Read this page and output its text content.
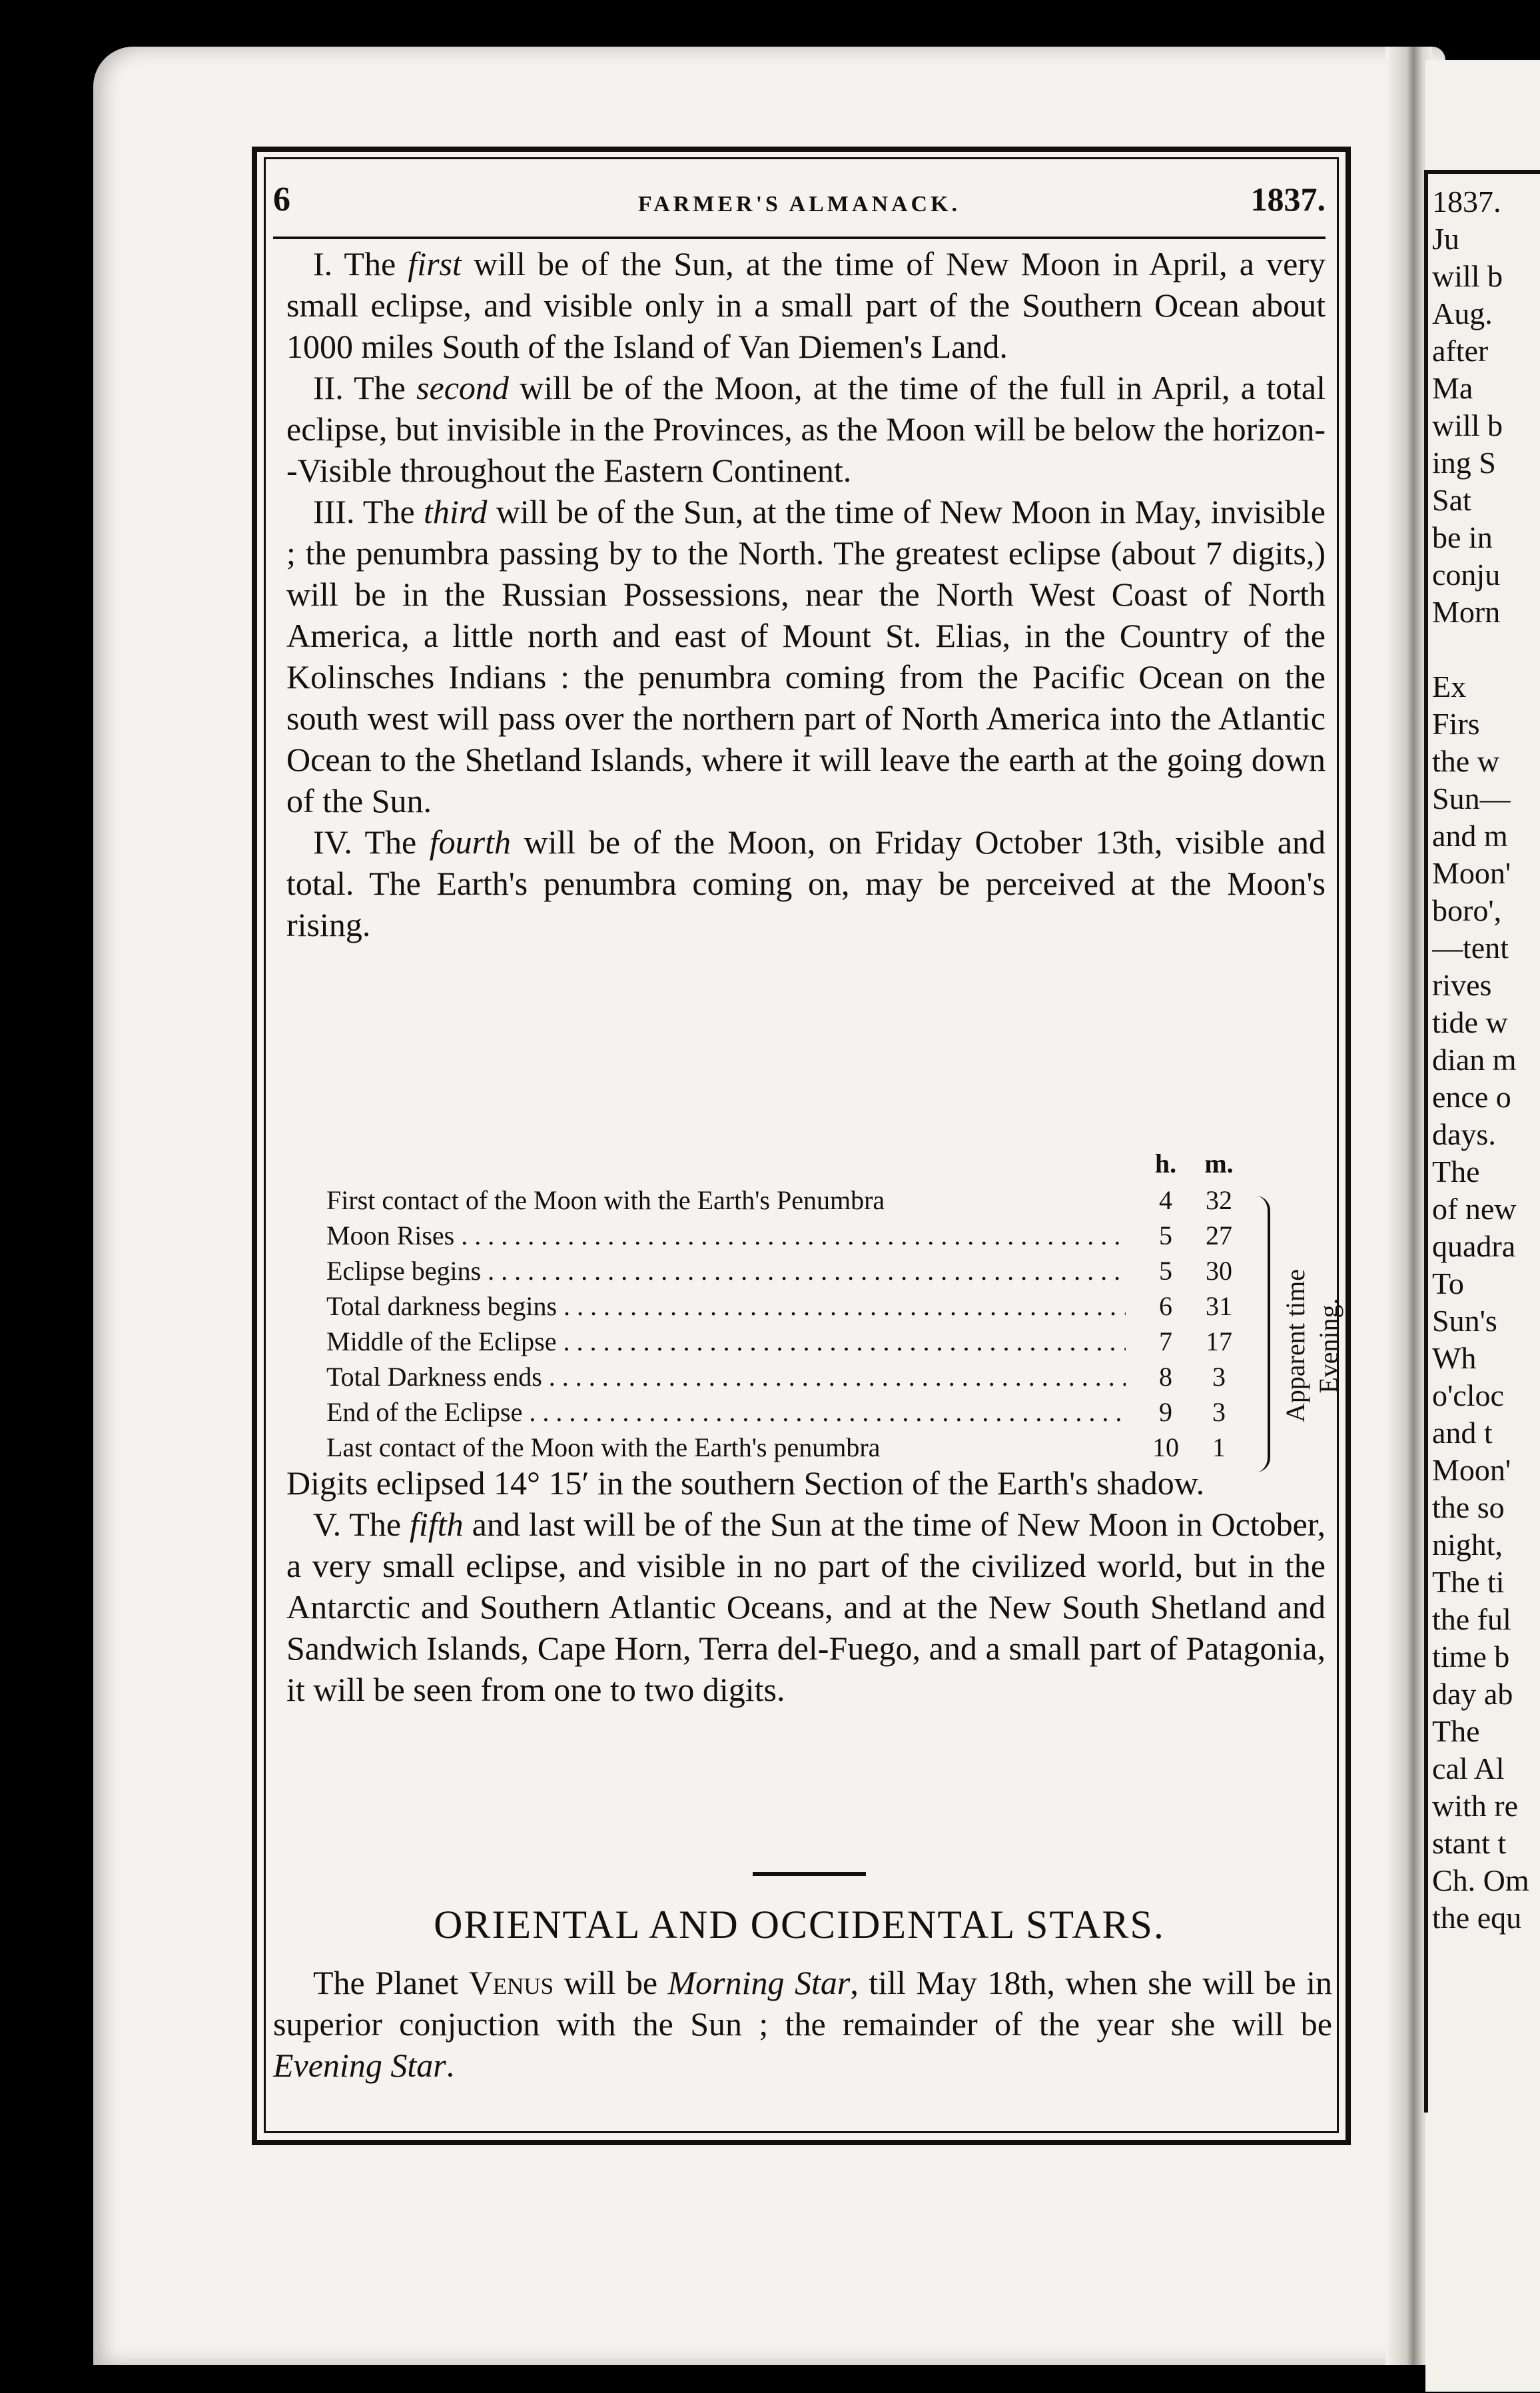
6	FARMER'S ALMANACK.	1837.

I. The first will be of the Sun, at the time of New Moon in April, a very small eclipse, and visible only in a small part of the Southern Ocean about 1000 miles South of the Island of Van Diemen's Land.

II. The second will be of the Moon, at the time of the full in April, a total eclipse, but invisible in the Provinces, as the Moon will be below the horizon--Visible throughout the Eastern Continent.

III. The third will be of the Sun, at the time of New Moon in May, invisible ; the penumbra passing by to the North. The greatest eclipse (about 7 digits,) will be in the Russian Possessions, near the North West Coast of North America, a little north and east of Mount St. Elias, in the Country of the Kolinsches Indians : the penumbra coming from the Pacific Ocean on the south west will pass over the northern part of North America into the Atlantic Ocean to the Shetland Islands, where it will leave the earth at the going down of the Sun.

IV. The fourth will be of the Moon, on Friday October 13th, visible and total. The Earth's penumbra coming on, may be perceived at the Moon's rising.

h.	m.
First contact of the Moon with the Earth's Penumbra	4	32
Moon Rises . . .	5	27
Eclipse begins . . .	5	30
Total darkness begins . . .	6	31
Middle of the Eclipse . . .	7	17
Total Darkness ends . . .	8	3
End of the Eclipse . . .	9	3
Last contact of the Moon with the Earth's penumbra	10	1
Apparent time Evening.

Digits eclipsed 14° 15′ in the southern Section of the Earth's shadow.

V. The fifth and last will be of the Sun at the time of New Moon in October, a very small eclipse, and visible in no part of the civilized world, but in the Antarctic and Southern Atlantic Oceans, and at the New South Shetland and Sandwich Islands, Cape Horn, Terra del-Fuego, and a small part of Patagonia, it will be seen from one to two digits.

ORIENTAL AND OCCIDENTAL STARS.

The Planet Venus will be Morning Star, till May 18th, when she will be in superior conjuction with the Sun ; the remainder of the year she will be Evening Star.

1837.
Ju
will b
Aug.
after
Ma
will b
ing S
Sat
be in
conju
Morn
Ex
Firs
the w
Sun—
and m
Moon'
boro',
—tent
rives
tide w
dian m
ence o
days.
The
of new
quadra
To
Sun's
Wh
o'cloc
and t
Moon'
the so
night,
The ti
the ful
time b
day ab
The
cal Al
with re
stant t
Ch. Om
the equ
